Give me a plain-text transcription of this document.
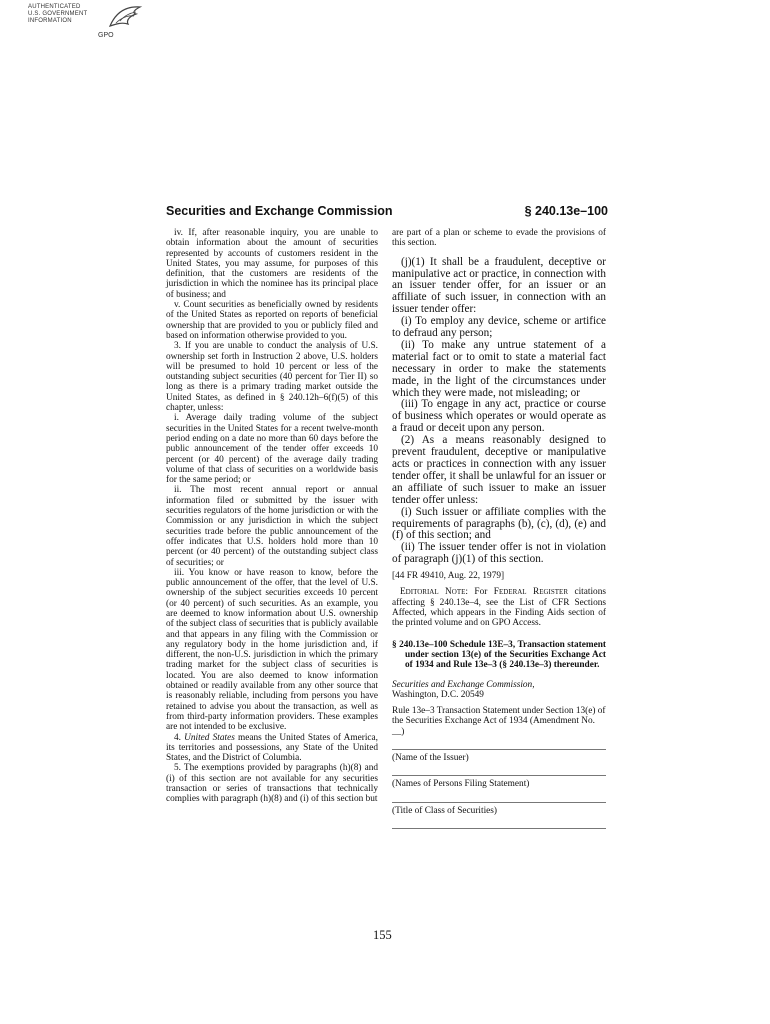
AUTHENTICATED
U.S. GOVERNMENT
INFORMATION
GPO
Securities and Exchange Commission	§ 240.13e–100

iv. If, after reasonable inquiry, you are unable to obtain information about the amount of securities represented by accounts of customers resident in the United States, you may assume, for purposes of this definition, that the customers are residents of the jurisdiction in which the nominee has its principal place of business; and

v. Count securities as beneficially owned by residents of the United States as reported on reports of beneficial ownership that are provided to you or publicly filed and based on information otherwise provided to you.

3. If you are unable to conduct the analysis of U.S. ownership set forth in Instruction 2 above, U.S. holders will be presumed to hold 10 percent or less of the outstanding subject securities (40 percent for Tier II) so long as there is a primary trading market outside the United States, as defined in § 240.12h–6(f)(5) of this chapter, unless:

i. Average daily trading volume of the subject securities in the United States for a recent twelve-month period ending on a date no more than 60 days before the public announcement of the tender offer exceeds 10 percent (or 40 percent) of the average daily trading volume of that class of securities on a worldwide basis for the same period; or

ii. The most recent annual report or annual information filed or submitted by the issuer with securities regulators of the home jurisdiction or with the Commission or any jurisdiction in which the subject securities trade before the public announcement of the offer indicates that U.S. holders hold more than 10 percent (or 40 percent) of the outstanding subject class of securities; or

iii. You know or have reason to know, before the public announcement of the offer, that the level of U.S. ownership of the subject securities exceeds 10 percent (or 40 percent) of such securities. As an example, you are deemed to know information about U.S. ownership of the subject class of securities that is publicly available and that appears in any filing with the Commission or any regulatory body in the home jurisdiction and, if different, the non-U.S. jurisdiction in which the primary trading market for the subject class of securities is located. You are also deemed to know information obtained or readily available from any other source that is reasonably reliable, including from persons you have retained to advise you about the transaction, as well as from third-party information providers. These examples are not intended to be exclusive.

4. United States means the United States of America, its territories and possessions, any State of the United States, and the District of Columbia.

5. The exemptions provided by paragraphs (h)(8) and (i) of this section are not available for any securities transaction or series of transactions that technically complies with paragraph (h)(8) and (i) of this section but

are part of a plan or scheme to evade the provisions of this section.

(j)(1) It shall be a fraudulent, deceptive or manipulative act or practice, in connection with an issuer tender offer, for an issuer or an affiliate of such issuer, in connection with an issuer tender offer:

(i) To employ any device, scheme or artifice to defraud any person;

(ii) To make any untrue statement of a material fact or to omit to state a material fact necessary in order to make the statements made, in the light of the circumstances under which they were made, not misleading; or

(iii) To engage in any act, practice or course of business which operates or would operate as a fraud or deceit upon any person.

(2) As a means reasonably designed to prevent fraudulent, deceptive or manipulative acts or practices in connection with any issuer tender offer, it shall be unlawful for an issuer or an affiliate of such issuer to make an issuer tender offer unless:

(i) Such issuer or affiliate complies with the requirements of paragraphs (b), (c), (d), (e) and (f) of this section; and

(ii) The issuer tender offer is not in violation of paragraph (j)(1) of this section.

[44 FR 49410, Aug. 22, 1979]

Editorial Note: For Federal Register citations affecting § 240.13e–4, see the List of CFR Sections Affected, which appears in the Finding Aids section of the printed volume and on GPO Access.

§ 240.13e–100 Schedule 13E–3, Transaction statement under section 13(e) of the Securities Exchange Act of 1934 and Rule 13e–3 (§ 240.13e–3) thereunder.

Securities and Exchange Commission,

Washington, D.C. 20549

Rule 13e–3 Transaction Statement under Section 13(e) of the Securities Exchange Act of 1934 (Amendment No. __)

(Name of the Issuer)

(Names of Persons Filing Statement)

(Title of Class of Securities)

155
